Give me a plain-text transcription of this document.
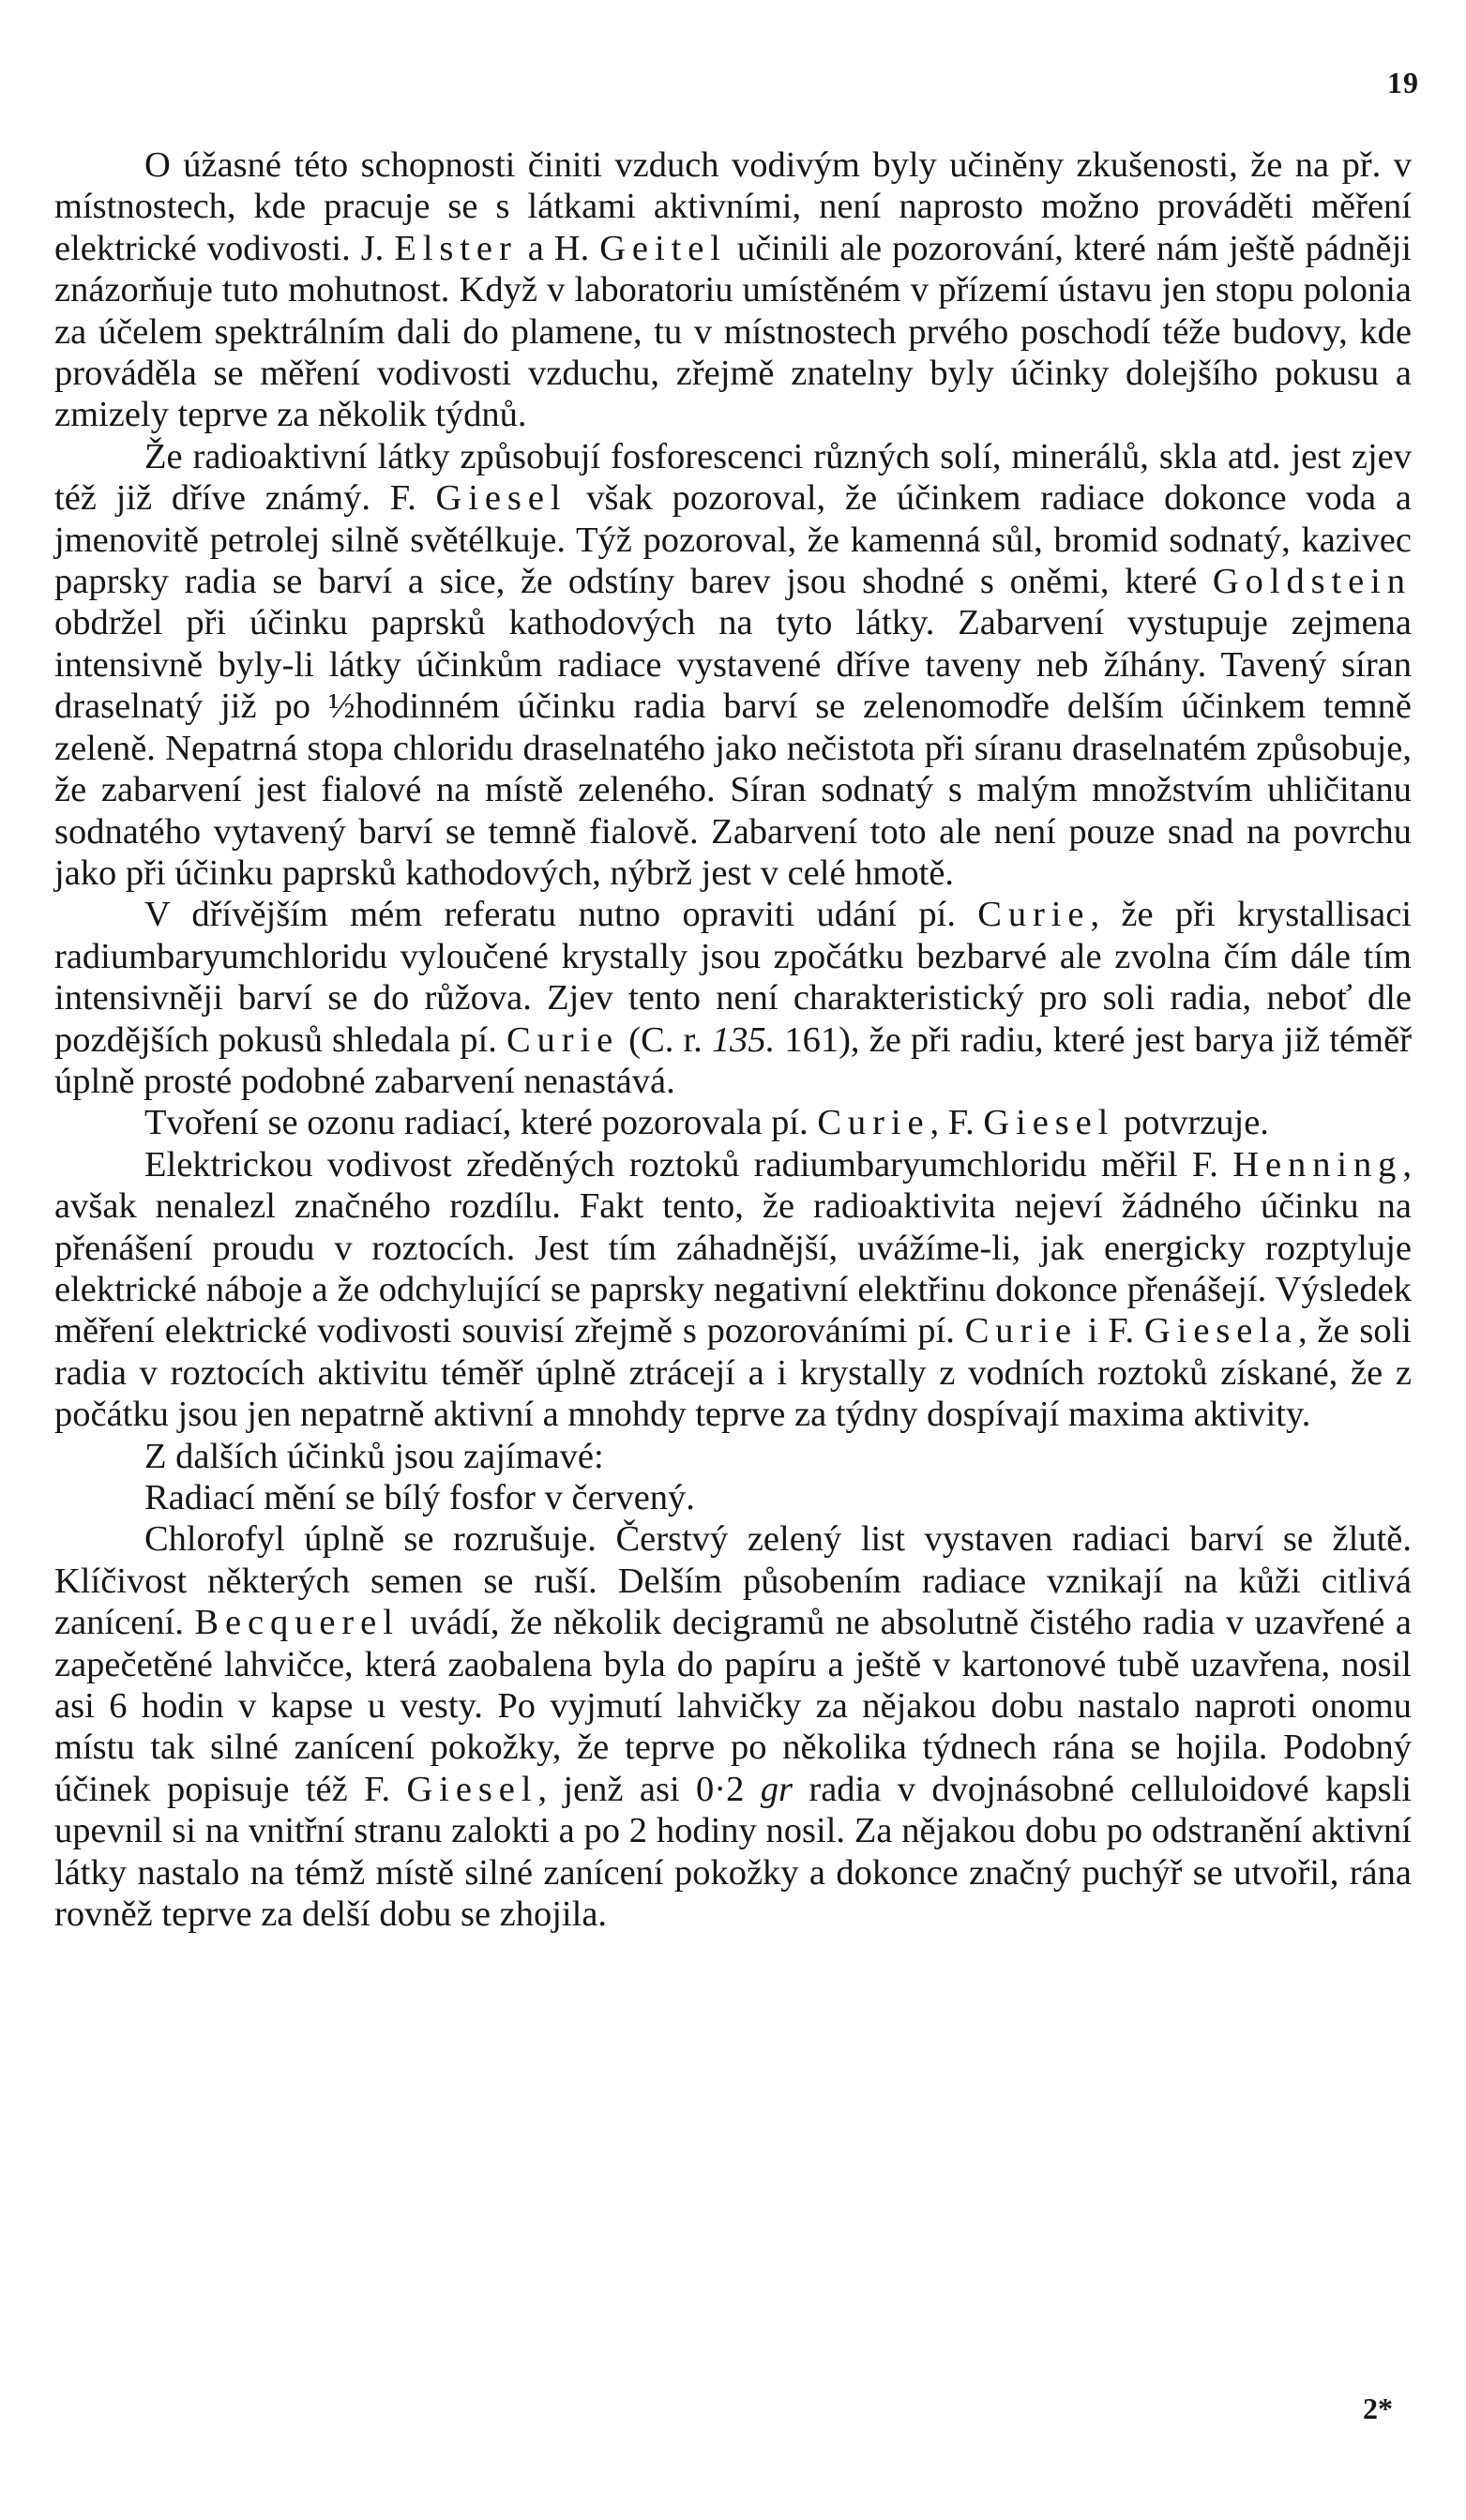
19

O úžasné této schopnosti činiti vzduch vodivým byly učiněny zkušenosti, že na př. v místnostech, kde pracuje se s látkami aktivními, není naprosto možno prováděti měření elektrické vodivosti. J. Elster a H. Geitel učinili ale pozorování, které nám ještě pádněji znázorňuje tuto mohutnost. Když v laboratoriu umístěném v přízemí ústavu jen stopu polonia za účelem spektrálním dali do plamene, tu v místnostech prvého poschodí téže budovy, kde prováděla se měření vodivosti vzduchu, zřejmě znatelny byly účinky dolejšího pokusu a zmizely teprve za několik týdnů.

Že radioaktivní látky způsobují fosforescenci různých solí, minerálů, skla atd. jest zjev též již dříve známý. F. Giesel však pozoroval, že účinkem radiace dokonce voda a jmenovitě petrolej silně světélkuje. Týž pozoroval, že kamenná sůl, bromid sodnatý, kazivec paprsky radia se barví a sice, že odstíny barev jsou shodné s oněmi, které Goldstein obdržel při účinku paprsků kathodových na tyto látky. Zabarvení vystupuje zejmena intensivně byly-li látky účinkům radiace vystavené dříve taveny neb žíhány. Tavený síran draselnatý již po ½hodinném účinku radia barví se zelenomodře delším účinkem temně zeleně. Nepatrná stopa chloridu draselnatého jako nečistota při síranu draselnatém způsobuje, že zabarvení jest fialové na místě zeleného. Síran sodnatý s malým množstvím uhličitanu sodnatého vytavený barví se temně fialově. Zabarvení toto ale není pouze snad na povrchu jako při účinku paprsků kathodových, nýbrž jest v celé hmotě.

V dřívějším mém referatu nutno opraviti udání pí. Curie, že při krystallisaci radiumbaryumchloridu vyloučené krystally jsou zpočátku bezbarvé ale zvolna čím dále tím intensivněji barví se do růžova. Zjev tento není charakteristický pro soli radia, neboť dle pozdějších pokusů shledala pí. Curie (C. r. 135. 161), že při radiu, které jest barya již téměř úplně prosté podobné zabarvení nenastává.

Tvoření se ozonu radiací, které pozorovala pí. Curie, F. Giesel potvrzuje.

Elektrickou vodivost zředěných roztoků radiumbaryumchloridu měřil F. Henning, avšak nenalezl značného rozdílu. Fakt tento, že radioaktivita nejeví žádného účinku na přenášení proudu v roztocích. Jest tím záhadnější, uvážíme-li, jak energicky rozptyluje elektrické náboje a že odchylující se paprsky negativní elektřinu dokonce přenášejí. Výsledek měření elektrické vodivosti souvisí zřejmě s pozorováními pí. Curie i F. Giesela, že soli radia v roztocích aktivitu téměř úplně ztrácejí a i krystally z vodních roztoků získané, že z počátku jsou jen nepatrně aktivní a mnohdy teprve za týdny dospívají maxima aktivity.

Z dalších účinků jsou zajímavé:

Radiací mění se bílý fosfor v červený.

Chlorofyl úplně se rozrušuje. Čerstvý zelený list vystaven radiaci barví se žlutě. Klíčivost některých semen se ruší. Delším působením radiace vznikají na kůži citlivá zanícení. Becquerel uvádí, že několik decigramů ne absolutně čistého radia v uzavřené a zapečetěné lahvičce, která zaobalena byla do papíru a ještě v kartonové tubě uzavřena, nosil asi 6 hodin v kapse u vesty. Po vyjmutí lahvičky za nějakou dobu nastalo naproti onomu místu tak silné zanícení pokožky, že teprve po několika týdnech rána se hojila. Podobný účinek popisuje též F. Giesel, jenž asi 0·2 gr radia v dvojnásobné celluloidové kapsli upevnil si na vnitřní stranu zalokti a po 2 hodiny nosil. Za nějakou dobu po odstranění aktivní látky nastalo na témž místě silné zanícení pokožky a dokonce značný puchýř se utvořil, rána rovněž teprve za delší dobu se zhojila.

2*
